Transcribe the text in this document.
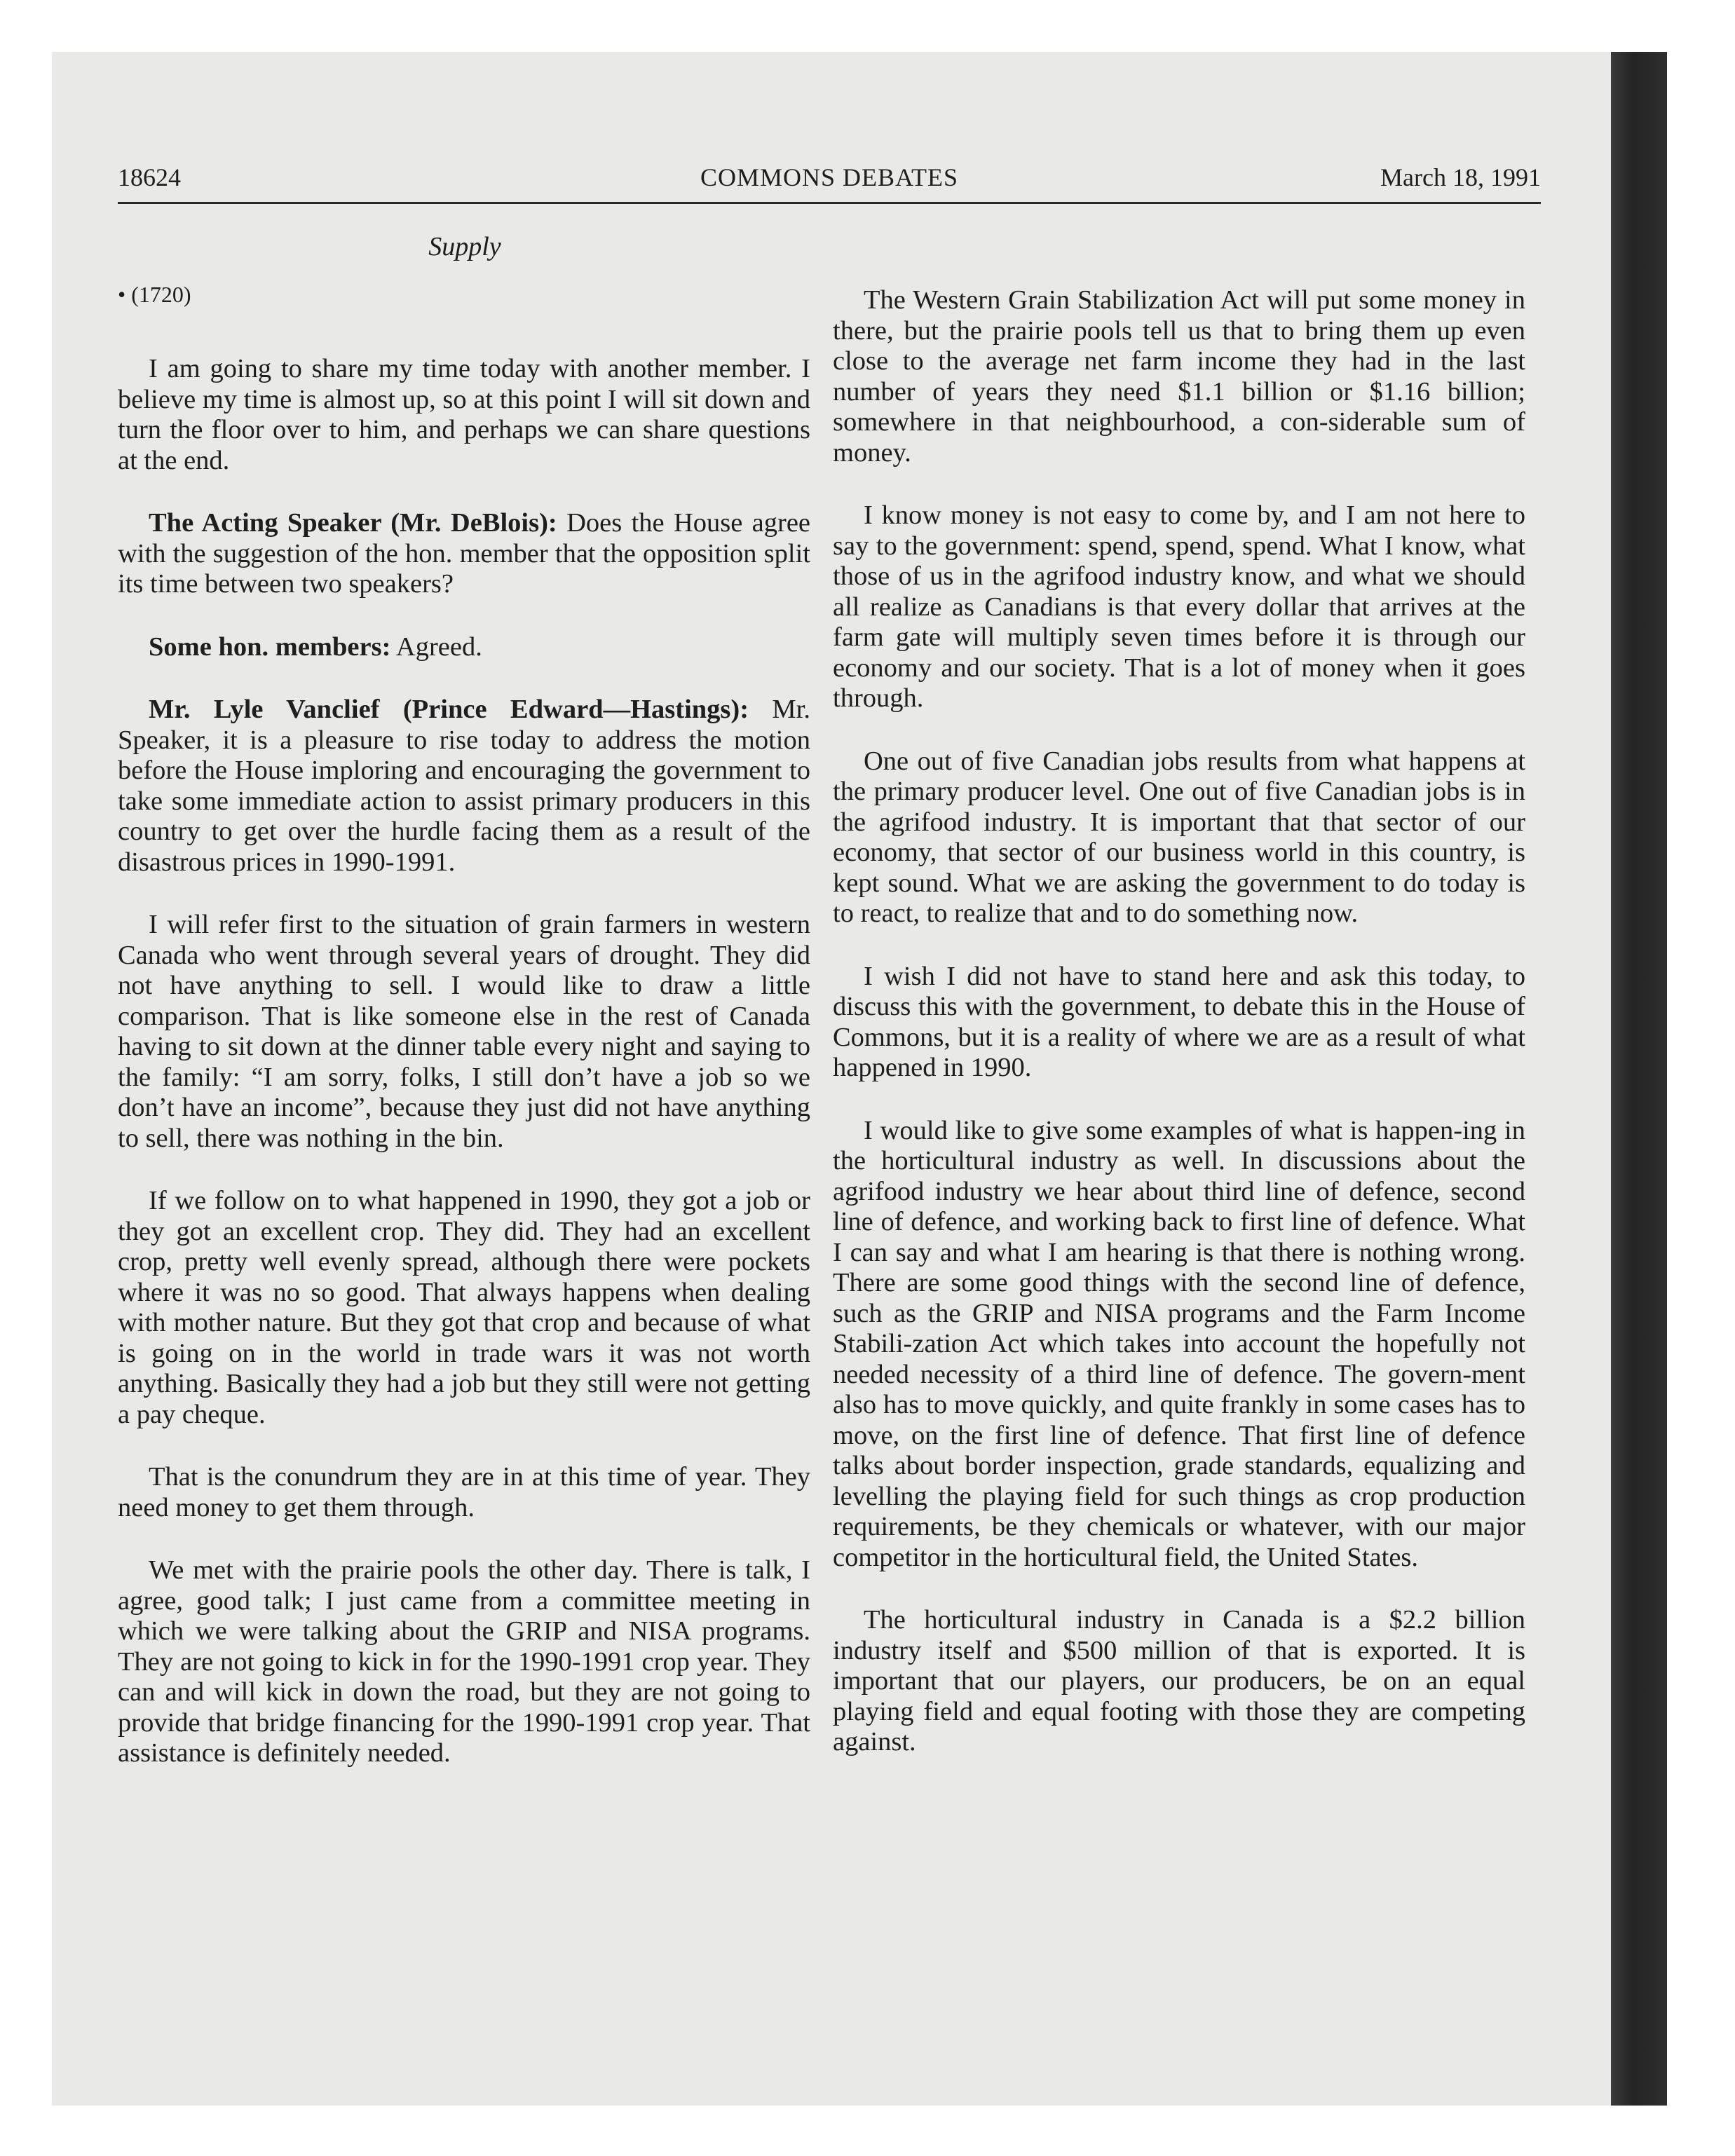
18624	COMMONS DEBATES	March 18, 1991
Supply
• (1720)

I am going to share my time today with another member. I believe my time is almost up, so at this point I will sit down and turn the floor over to him, and perhaps we can share questions at the end.

The Acting Speaker (Mr. DeBlois): Does the House agree with the suggestion of the hon. member that the opposition split its time between two speakers?

Some hon. members: Agreed.

Mr. Lyle Vanclief (Prince Edward—Hastings): Mr. Speaker, it is a pleasure to rise today to address the motion before the House imploring and encouraging the government to take some immediate action to assist primary producers in this country to get over the hurdle facing them as a result of the disastrous prices in 1990-1991.

I will refer first to the situation of grain farmers in western Canada who went through several years of drought. They did not have anything to sell. I would like to draw a little comparison. That is like someone else in the rest of Canada having to sit down at the dinner table every night and saying to the family: “I am sorry, folks, I still don’t have a job so we don’t have an income”, because they just did not have anything to sell, there was nothing in the bin.

If we follow on to what happened in 1990, they got a job or they got an excellent crop. They did. They had an excellent crop, pretty well evenly spread, although there were pockets where it was no so good. That always happens when dealing with mother nature. But they got that crop and because of what is going on in the world in trade wars it was not worth anything. Basically they had a job but they still were not getting a pay cheque.

That is the conundrum they are in at this time of year. They need money to get them through.

We met with the prairie pools the other day. There is talk, I agree, good talk; I just came from a committee meeting in which we were talking about the GRIP and NISA programs. They are not going to kick in for the 1990-1991 crop year. They can and will kick in down the road, but they are not going to provide that bridge financing for the 1990-1991 crop year. That assistance is definitely needed.

The Western Grain Stabilization Act will put some money in there, but the prairie pools tell us that to bring them up even close to the average net farm income they had in the last number of years they need $1.1 billion or $1.16 billion; somewhere in that neighbourhood, a con-siderable sum of money.

I know money is not easy to come by, and I am not here to say to the government: spend, spend, spend. What I know, what those of us in the agrifood industry know, and what we should all realize as Canadians is that every dollar that arrives at the farm gate will multiply seven times before it is through our economy and our society. That is a lot of money when it goes through.

One out of five Canadian jobs results from what happens at the primary producer level. One out of five Canadian jobs is in the agrifood industry. It is important that that sector of our economy, that sector of our business world in this country, is kept sound. What we are asking the government to do today is to react, to realize that and to do something now.

I wish I did not have to stand here and ask this today, to discuss this with the government, to debate this in the House of Commons, but it is a reality of where we are as a result of what happened in 1990.

I would like to give some examples of what is happen-ing in the horticultural industry as well. In discussions about the agrifood industry we hear about third line of defence, second line of defence, and working back to first line of defence. What I can say and what I am hearing is that there is nothing wrong. There are some good things with the second line of defence, such as the GRIP and NISA programs and the Farm Income Stabili-zation Act which takes into account the hopefully not needed necessity of a third line of defence. The govern-ment also has to move quickly, and quite frankly in some cases has to move, on the first line of defence. That first line of defence talks about border inspection, grade standards, equalizing and levelling the playing field for such things as crop production requirements, be they chemicals or whatever, with our major competitor in the horticultural field, the United States.

The horticultural industry in Canada is a $2.2 billion industry itself and $500 million of that is exported. It is important that our players, our producers, be on an equal playing field and equal footing with those they are competing against.
